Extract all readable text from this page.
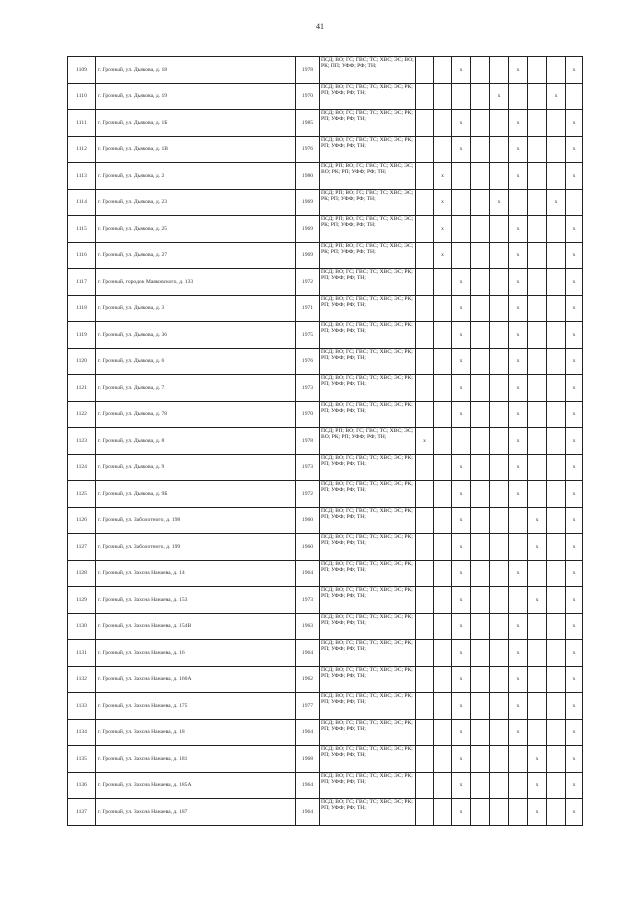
41
1109	г. Грозный, ул. Дьякова, д. 18	1978	ПСД; ВО; ГС; ГВС; ТС; ХВС; ЭС; ВО; РК; ПП; УФФ; РФ; ТН;			x			x			x
1110	г. Грозный, ул. Дьякова, д. 19	1970	ПСД; ВО; ГС; ГВС; ТС; ХВС; ЭС; РК; РП; УФФ; РФ; ТН;					x			x	
1111	г. Грозный, ул. Дьякова, д. 1Б	1985	ПСД; ВО; ГС; ГВС; ТС; ХВС; ЭС; РК; РП; УФФ; РФ; ТН;			x			x			x
1112	г. Грозный, ул. Дьякова, д. 1В	1976	ПСД; ВО; ГС; ГВС; ТС; ХВС; ЭС; РК; РП; УФФ; РФ; ТН;			x			x			x
1113	г. Грозный, ул. Дьякова, д. 2	1980	ПСД; РП; ВО; ГС; ГВС; ТС; ХВС; ЭС; ВО; РК; РП; УФФ; РФ; ТН;		x				x			x
1114	г. Грозный, ул. Дьякова, д. 23	1969	ПСД; РП; ВО; ГС; ГВС; ТС; ХВС; ЭС; РК; РП; УФФ; РФ; ТН;		x			x			x	
1115	г. Грозный, ул. Дьякова, д. 25	1969	ПСД; РП; ВО; ГС; ГВС; ТС; ХВС; ЭС; РК; РП; УФФ; РФ; ТН;		x				x			x
1116	г. Грозный, ул. Дьякова, д. 27	1969	ПСД; РП; ВО; ГС; ГВС; ТС; ХВС; ЭС; РК; РП; УФФ; РФ; ТН;		x				x			x
1117	г. Грозный, городок Маяковского, д. 133	1972	ПСД; ВО; ГС; ГВС; ТС; ХВС; ЭС; РК; РП; УФФ; РФ; ТН;			x			x			x
1118	г. Грозный, ул. Дьякова, д. 3	1971	ПСД; ВО; ГС; ГВС; ТС; ХВС; ЭС; РК; РП; УФФ; РФ; ТН;			x			x			x
1119	г. Грозный, ул. Дьякова, д. 36	1975	ПСД; ВО; ГС; ГВС; ТС; ХВС; ЭС; РК; РП; УФФ; РФ; ТН;			x			x			x
1120	г. Грозный, ул. Дьякова, д. 6	1976	ПСД; ВО; ГС; ГВС; ТС; ХВС; ЭС; РК; РП; УФФ; РФ; ТН;			x			x			x
1121	г. Грозный, ул. Дьякова, д. 7	1973	ПСД; ВО; ГС; ГВС; ТС; ХВС; ЭС; РК; РП; УФФ; РФ; ТН;			x			x			x
1122	г. Грозный, ул. Дьякова, д. 78	1970	ПСД; ВО; ГС; ГВС; ТС; ХВС; ЭС; РК; РП; УФФ; РФ; ТН;			x			x			x
1123	г. Грозный, ул. Дьякова, д. 8	1978	ПСД; РП; ВО; ГС; ГВС; ТС; ХВС; ЭС; ВО; РК; РП; УФФ; РФ; ТН;	x					x			x
1124	г. Грозный, ул. Дьякова, д. 9	1973	ПСД; ВО; ГС; ГВС; ТС; ХВС; ЭС; РК; РП; УФФ; РФ; ТН;			x			x			x
1125	г. Грозный, ул. Дьякова, д. 9Б	1972	ПСД; ВО; ГС; ГВС; ТС; ХВС; ЭС; РК; РП; УФФ; РФ; ТН;			x			x			x
1126	г. Грозный, ул. Заболотного, д. 198	1960	ПСД; ВО; ГС; ГВС; ТС; ХВС; ЭС; РК; РП; УФФ; РФ; ТН;			x				x		x
1127	г. Грозный, ул. Заболотного, д. 199	1960	ПСД; ВО; ГС; ГВС; ТС; ХВС; ЭС; РК; РП; УФФ; РФ; ТН;			x				x		x
1128	г. Грозный, ул. Захсна Нанаева, д. 14	1964	ПСД; ВО; ГС; ГВС; ТС; ХВС; ЭС; РК; РП; УФФ; РФ; ТН;			x			x			x
1129	г. Грозный, ул. Захсна Нанаева, д. 153	1973	ПСД; ВО; ГС; ГВС; ТС; ХВС; ЭС; РК; РП; УФФ; РФ; ТН;			x				x		x
1130	г. Грозный, ул. Захсна Нанаева, д. 154В	1963	ПСД; ВО; ГС; ГВС; ТС; ХВС; ЭС; РК; РП; УФФ; РФ; ТН;			x			x			x
1131	г. Грозный, ул. Захсна Нанаева, д. 16	1964	ПСД; ВО; ГС; ГВС; ТС; ХВС; ЭС; РК; РП; УФФ; РФ; ТН;			x			x			x
1132	г. Грозный, ул. Захсна Нанаева, д. 160А	1962	ПСД; ВО; ГС; ГВС; ТС; ХВС; ЭС; РК; РП; УФФ; РФ; ТН;			x			x			x
1133	г. Грозный, ул. Захсна Нанаева, д. 175	1977	ПСД; ВО; ГС; ГВС; ТС; ХВС; ЭС; РК; РП; УФФ; РФ; ТН;			x			x			x
1134	г. Грозный, ул. Захсна Нанаева, д. 18	1964	ПСД; ВО; ГС; ГВС; ТС; ХВС; ЭС; РК; РП; УФФ; РФ; ТН;			x			x			x
1135	г. Грозный, ул. Захсна Нанаева, д. 181	1968	ПСД; ВО; ГС; ГВС; ТС; ХВС; ЭС; РК; РП; УФФ; РФ; ТН;			x				x		x
1136	г. Грозный, ул. Захсна Нанаева, д. 185А	1964	ПСД; ВО; ГС; ГВС; ТС; ХВС; ЭС; РК; РП; УФФ; РФ; ТН;			x				x		x
1137	г. Грозный, ул. Захсна Нанаева, д. 187	1964	ПСД; ВО; ГС; ГВС; ТС; ХВС; ЭС; РК; РП; УФФ; РФ; ТН;			x				x		x
